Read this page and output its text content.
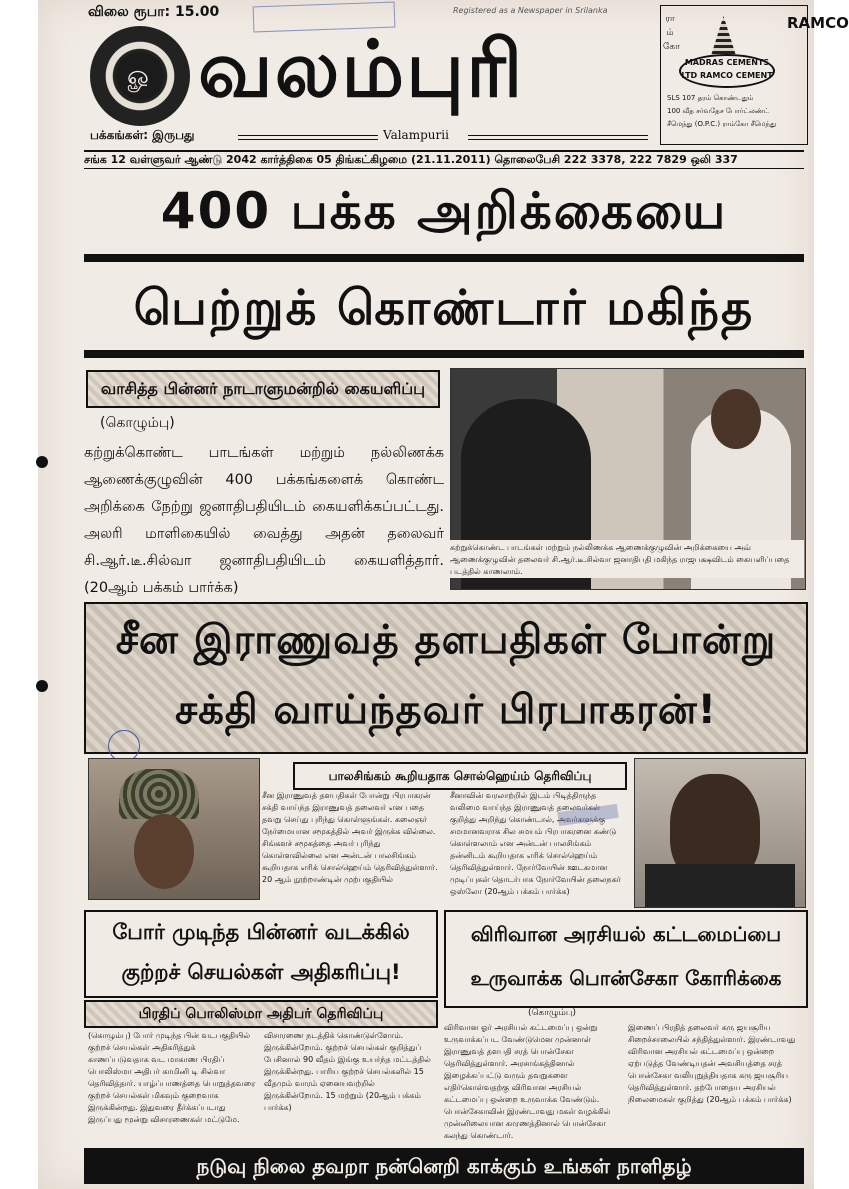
விலை ரூபா: 15.00	Registered as a Newspaper in Srilanka
ௐ வலம்புரி
பக்கங்கள்: இருபது	Valampurii
ரா ம் கோ
MADRAS CEMENTS LTD RAMCO CEMENT
RAMCO
SLS 107 தரம் கொண்டதும்
100 வீத சர்வதேச போர்ட்லண்ட்
சீமெந்து (O.P.C.) ராம்கோ சீமெந்து
சங்க 12 வள்ளுவர் ஆண்டு 2042 கார்த்திகை 05 திங்கட்கிழமை (21.11.2011) தொலைபேசி 222 3378, 222 7829 ஒலி 337
400 பக்க அறிக்கையை
பெற்றுக் கொண்டார் மகிந்த
வாசித்த பின்னர் நாடாளுமன்றில் கையளிப்பு
(கொழும்பு)
கற்றுக்கொண்ட பாடங்கள் மற்றும் நல்லிணக்க ஆணைக்குழுவின் 400 பக்கங்களைக் கொண்ட அறிக்கை நேற்று ஜனாதிபதியிடம் கையளிக்கப்பட்டது. அலரி மாளிகையில் வைத்து அதன் தலைவர் சி.ஆர்.டீ.சில்வா ஜனாதிபதியிடம் கையளித்தார். (20ஆம் பக்கம் பார்க்க)
கற்றுக்கொண்ட பாடங்கள் மற்றும் நல்லிணக்க ஆணைக்குழுவின் அறிக்கையை அவ் ஆணைக்குழுவின் தலைவர் சி.ஆர்.டீ.சில்வா ஜனாதிபதி மகிந்த ராஜபக்ஷவிடம் கையளிப்பதை படத்தில் காணலாம்.
சீன இராணுவத் தளபதிகள் போன்று
சக்தி வாய்ந்தவர் பிரபாகரன்!
பாலசிங்கம் கூறியதாக சொல்ஹெய்ம் தெரிவிப்பு
சீன இராணுவத் தளபதிகள் போன்று பிரபாகரன் சக்தி வாய்ந்த இராணுவத் தலைவர் என பதை தவறு செய்து புரிந்து கொள்ளுங்கள். கலைஞர் நேர்மையான சமூகத்தில் அவர் இருக்க வில்லை. சிங்களச் சமூகத்தை அவர் புரிந்து கொள்ளவில்லை என அன்டன் பாலசிங்கம் கூறியதாக எரிக் சொல்ஹெய்ம் தெரிவித்துள்ளார். 20 ஆம் நூற்றாண்டின் முற்பகுதியில்
சீனாவின் வரலாற்றில் இடம் பிடித்திருந்த வலிமை வாய்ந்த இராணுவத் தலைவர்கள் குறித்து அறிந்து கொண்டால், அவர்களுக்கு சமமானவராக சில சமயம் பிரபாகரனை கண்டு கொள்ளலாம் என அன்டன் பாலசிங்கம் தன்னிடம் கூறியதாக எரிக் சொல்ஹெய்ம் தெரிவித்துள்ளார். நோர்வேயின் ஊடகமான முடிப்புகள் தொடர்பாக நோர்வேயின் தலைநகர் ஒஸ்லோ (20ஆம் பக்கம் பார்க்க)
போர் முடிந்த பின்னர் வடக்கில் குற்றச் செயல்கள் அதிகரிப்பு!
பிரதிப் பொலிஸ்மா அதிபர் தெரிவிப்பு
(கொழும்பு) போர் முடிந்த பின் வடபகுதியில் குற்றச் செயல்கள் அதிகரித்துக் காணப்படுவதாக வட மாகாண பிரதிப் பொலிஸ்மா அதிபர் காமினி டி சில்வா தெரிவித்தார். யாழ்ப்பாணத்தை பொறுத்தவரை குற்றச் செயல்கள் மிகவும் குறைவாக இருக்கின்றது. இதுவரை தீர்க்கப்படாது இருப்பது மூன்று விசாரணைகள் மட்டுமே.
விசாரணை நடத்திக் கொண்டுள்ளோம். இருக்கின்றோம். குற்றச் செயல்கள் குறித்துப் பேசினால் 90 வீதம் இங்கு உயர்ந்த மட்டத்தில் இருக்கின்றது. பாரிய குற்றச் செயல்களில் 15 வீதமும் வாரம் ஏனையவற்றில் இருக்கின்றோம். 15 மற்றும் (20ஆம் பக்கம் பார்க்க)
விரிவான அரசியல் கட்டமைப்பை உருவாக்க பொன்சேகா கோரிக்கை
(கொழும்பு)
விரிவான ஓர் அரசியல் கட்டமைப்பு ஒன்று உருவாக்கப்பட வேண்டுமென முன்னாள் இராணுவத் தளபதி சரத் பொன்சேகா தெரிவித்துள்ளார். அரசாங்கத்தினால் இழைக்கப்பட்டு வரும் தவறுகளை எதிர்கொள்வதற்கு விரிவான அரசியல் கட்டமைப்பு ஒன்றை உருவாக்க வேண்டும். பொன்சேகாவின் இரண்டாவது மகள் வழக்கில் முன்னிலையான காரணத்தினால் பொன்சேகா கலந்து கொண்டார்.
இணைப் பிரதித் தலைவர் கரு ஜயசூரிய சிறைச்சாலையில் சந்தித்துள்ளார். இரண்டாவது விரிவான அரசியல் கட்டமைப்பு ஒன்றை ஏற்படுத்த வேண்டியதன் அவசியத்தை சரத் பொன்சேகா வலியுறுத்தியதாக கரு ஜயசூரிய தெரிவித்துள்ளார். தற்போதைய அரசியல் நிலைமைகள் குறித்து (20ஆம் பக்கம் பார்க்க)
நடுவு நிலை தவறா நன்னெறி காக்கும் உங்கள் நாளிதழ்
